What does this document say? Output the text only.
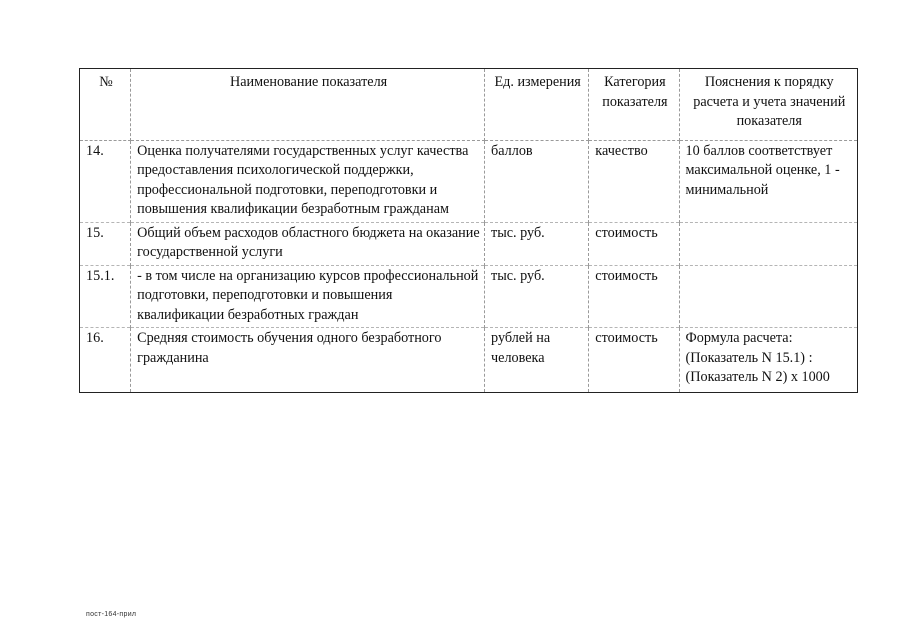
№	Наименование показателя	Ед. измерения	Категория показателя	Пояснения к порядку расчета и учета значений показателя
14.	Оценка получателями государственных услуг качества предоставления психологической поддержки, профессиональной подготовки, переподготовки и повышения квалификации безработным гражданам	баллов	качество	10 баллов соответствует максимальной оценке, 1 - минимальной
15.	Общий объем расходов областного бюджета на оказание государственной услуги	тыс. руб.	стоимость	
15.1.	- в том числе на организацию курсов профессиональной подготовки, переподготовки и повышения квалификации безработных граждан	тыс. руб.	стоимость	
16.	Средняя стоимость обучения одного безработного гражданина	рублей на человека	стоимость	Формула расчета: (Показатель N 15.1) : (Показатель N 2) x 1000
пост-164-прил
